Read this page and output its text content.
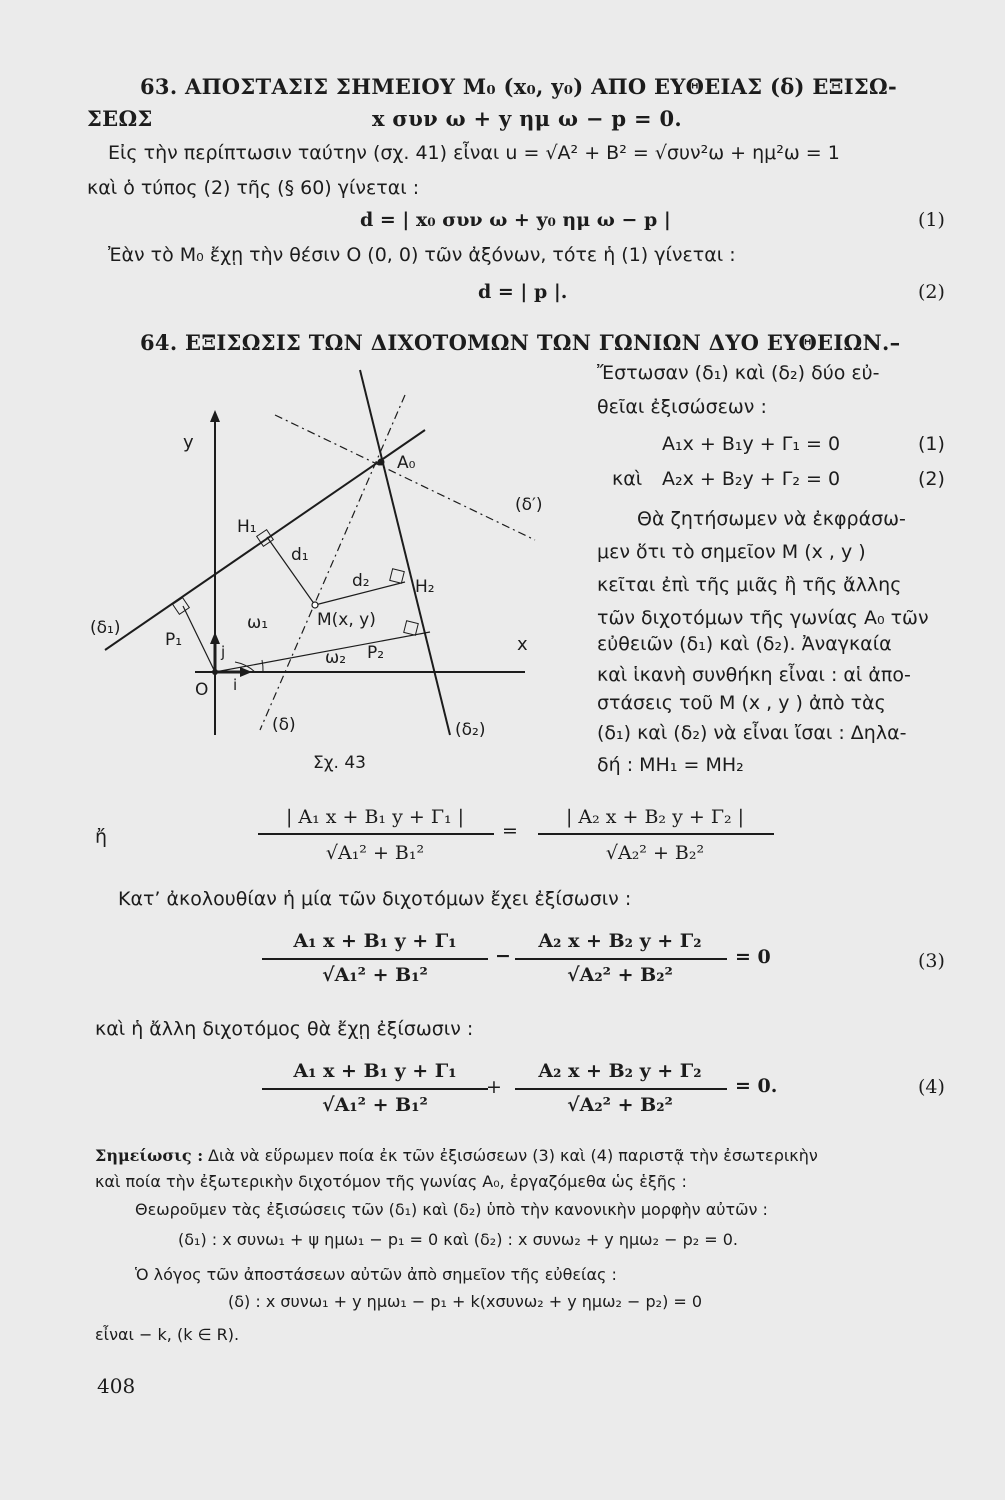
63. ΑΠΟΣΤΑΣΙΣ ΣΗΜΕΙΟΥ M₀ (x₀, y₀) ΑΠΟ ΕΥΘΕΙΑΣ (δ) ΕΞΙΣΩ-
ΣΕΩΣ	x συν ω + y ημ ω − p = 0.
Εἰς τὴν περίπτωσιν ταύτην (σχ. 41) εἶναι u = √A² + B² = √συν²ω + ημ²ω = 1
καὶ ὁ τύπος (2) τῆς (§ 60) γίνεται :
d = | x₀ συν ω + y₀ ημ ω − p |	(1)
Ἐὰν τὸ M₀ ἔχῃ τὴν θέσιν O (0, 0) τῶν ἀξόνων, τότε ἡ (1) γίνεται :
d = | p |.	(2)
64. ΕΞΙΣΩΣΙΣ ΤΩΝ ΔΙΧΟΤΟΜΩΝ ΤΩΝ ΓΩΝΙΩΝ ΔΥΟ ΕΥΘΕΙΩΝ.–
Ἔστωσαν (δ₁) καὶ (δ₂) δύο εὐ-
θεῖαι ἐξισώσεων :
A₁x + B₁y + Γ₁ = 0	(1)
καὶ A₂x + B₂y + Γ₂ = 0	(2)
Θὰ ζητήσωμεν νὰ ἐκφράσω-
μεν ὅτι τὸ σημεῖον M (x , y )
κεῖται ἐπὶ τῆς μιᾶς ἢ τῆς ἄλλης
τῶν διχοτόμων τῆς γωνίας A₀ τῶν
εὐθειῶν (δ₁) καὶ (δ₂). Ἀναγκαία
καὶ ἱκανὴ συνθήκη εἶναι : αἱ ἀπο-
στάσεις τοῦ M (x , y ) ἀπὸ τὰς
(δ₁) καὶ (δ₂) νὰ εἶναι ἴσαι : Δηλα-
δή : MH₁ = MH₂
y
x
O
A₀
H₁
H₂
d₁
d₂
M(x, y)
ω₁
ω₂
P₁
P₂
i
j
(δ₁)
(δ₂)
(δ)
(δ′)
Σχ. 43
ἤ
| A₁ x + B₁ y + Γ₁ |
√A₁² + B₁²
=
| A₂ x + B₂ y + Γ₂ |
√A₂² + B₂²
Κατ’ ἀκολουθίαν ἡ μία τῶν διχοτόμων ἔχει ἐξίσωσιν :
A₁ x + B₁ y + Γ₁
√A₁² + B₁²
−
A₂ x + B₂ y + Γ₂
√A₂² + B₂²
= 0	(3)
καὶ ἡ ἄλλη διχοτόμος θὰ ἔχῃ ἐξίσωσιν :
A₁ x + B₁ y + Γ₁
√A₁² + B₁²
+
A₂ x + B₂ y + Γ₂
√A₂² + B₂²
= 0.	(4)
Σημείωσις : Διὰ νὰ εὕρωμεν ποία ἐκ τῶν ἐξισώσεων (3) καὶ (4) παριστᾷ τὴν ἐσωτερικὴν
καὶ ποία τὴν ἐξωτερικὴν διχοτόμον τῆς γωνίας A₀, ἐργαζόμεθα ὡς ἑξῆς :
Θεωροῦμεν τὰς ἐξισώσεις τῶν (δ₁) καὶ (δ₂) ὑπὸ τὴν κανονικὴν μορφὴν αὐτῶν :
(δ₁) : x συνω₁ + ψ ημω₁ − p₁ = 0 καὶ (δ₂) : x συνω₂ + y ημω₂ − p₂ = 0.
Ὁ λόγος τῶν ἀποστάσεων αὐτῶν ἀπὸ σημεῖον τῆς εὐθείας :
(δ) : x συνω₁ + y ημω₁ − p₁ + k(xσυνω₂ + y ημω₂ − p₂) = 0
εἶναι − k, (k ∈ R).
408
